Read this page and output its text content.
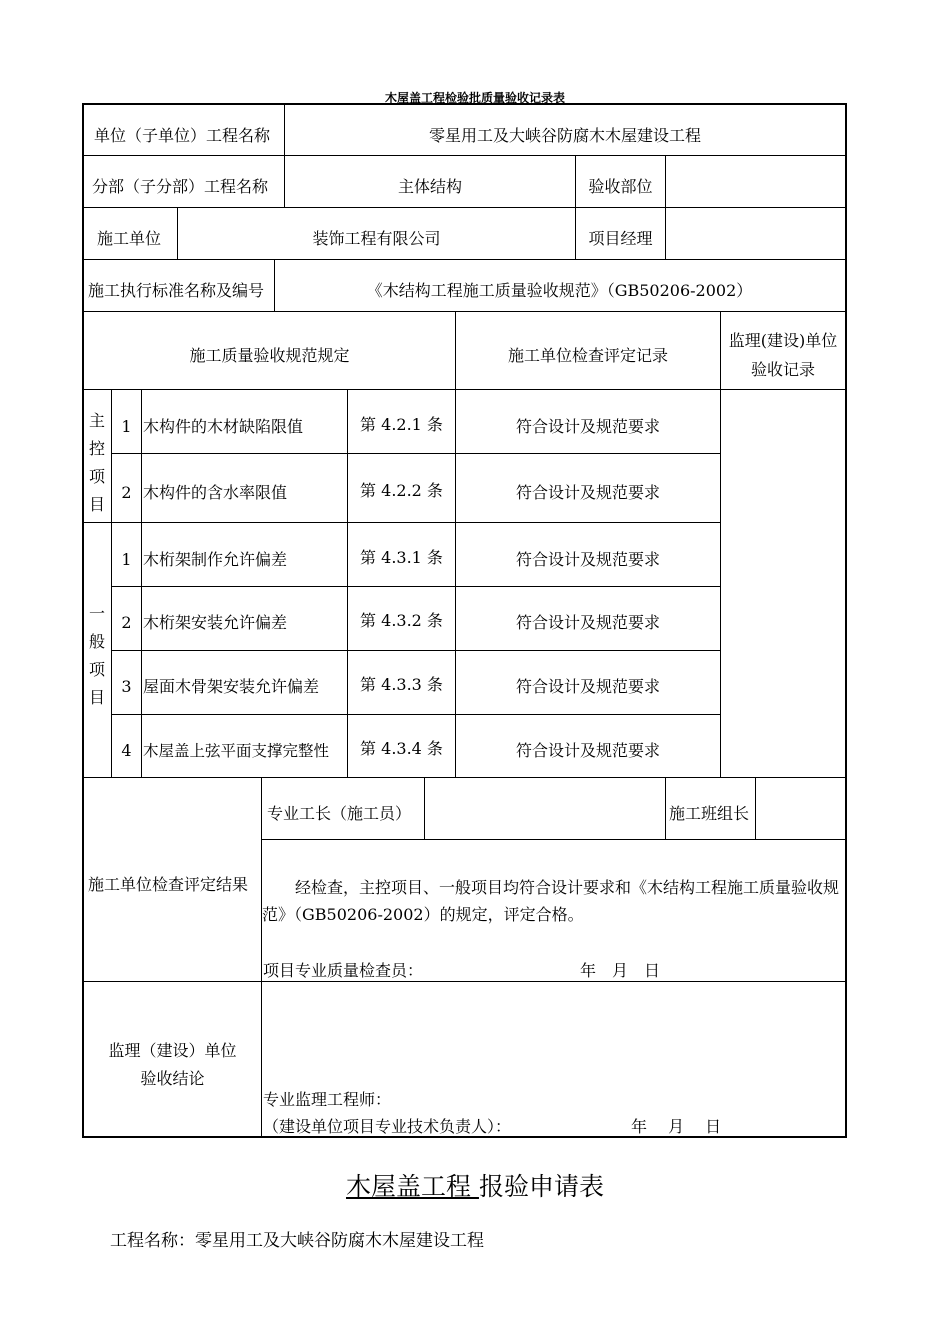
木屋盖工程检验批质量验收记录表
单位（子单位）工程名称	零星用工及大峡谷防腐木木屋建设工程
分部（子分部）工程名称	主体结构	验收部位
施工单位	装饰工程有限公司	项目经理
施工执行标准名称及编号	《木结构工程施工质量验收规范》（GB50206-2002）
施工质量验收规范规定	施工单位检查评定记录
监理(建设)单位
验收记录
主
控
项
目
1 木构件的木材缺陷限值	第 4.2.1 条	符合设计及规范要求
2 木构件的含水率限值	第 4.2.2 条	符合设计及规范要求
一
般
项
目
1 木桁架制作允许偏差	第 4.3.1 条	符合设计及规范要求
2 木桁架安装允许偏差	第 4.3.2 条	符合设计及规范要求
3 屋面木骨架安装允许偏差	第 4.3.3 条	符合设计及规范要求
4 木屋盖上弦平面支撑完整性	第 4.3.4 条	符合设计及规范要求
施工单位检查评定结果
专业工长（施工员）	施工班组长
经检查，主控项目、一般项目均符合设计要求和《木结构工程施工质量验收规
范》（GB50206-2002）的规定，评定合格。
项目专业质量检查员：	年　月　日
监理（建设）单位
验收结论
专业监理工程师：
（建设单位项目专业技术负责人）：	年　 月　 日
木屋盖工程 报验申请表
工程名称：零星用工及大峡谷防腐木木屋建设工程
